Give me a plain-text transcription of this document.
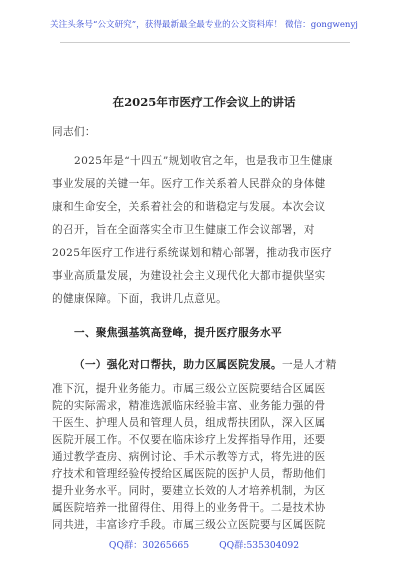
关注头条号“公文研究”，获得最新最全最专业的公文资料库！ 微信：gongwenyj
在2025年市医疗工作会议上的讲话
同志们：
2025年是“十四五”规划收官之年，也是我市卫生健康
事业发展的关键一年。医疗工作关系着人民群众的身体健
康和生命安全，关系着社会的和谐稳定与发展。本次会议
的召开，旨在全面落实全市卫生健康工作会议部署，对
2025年医疗工作进行系统谋划和精心部署，推动我市医疗
事业高质量发展，为建设社会主义现代化大都市提供坚实
的健康保障。下面，我讲几点意见。
一、聚焦强基筑高登峰，提升医疗服务水平
（一）强化对口帮扶，助力区属医院发展。一是人才精
准下沉，提升业务能力。市属三级公立医院要结合区属医
院的实际需求，精准选派临床经验丰富、业务能力强的骨
干医生、护理人员和管理人员，组成帮扶团队，深入区属
医院开展工作。不仅要在临床诊疗上发挥指导作用，还要
通过教学查房、病例讨论、手术示教等方式，将先进的医
疗技术和管理经验传授给区属医院的医护人员，帮助他们
提升业务水平。同时，要建立长效的人才培养机制，为区
属医院培养一批留得住、用得上的业务骨干。二是技术协
同共进，丰富诊疗手段。市属三级公立医院要与区属医院
QQ群：30265665	QQ群:535304092
